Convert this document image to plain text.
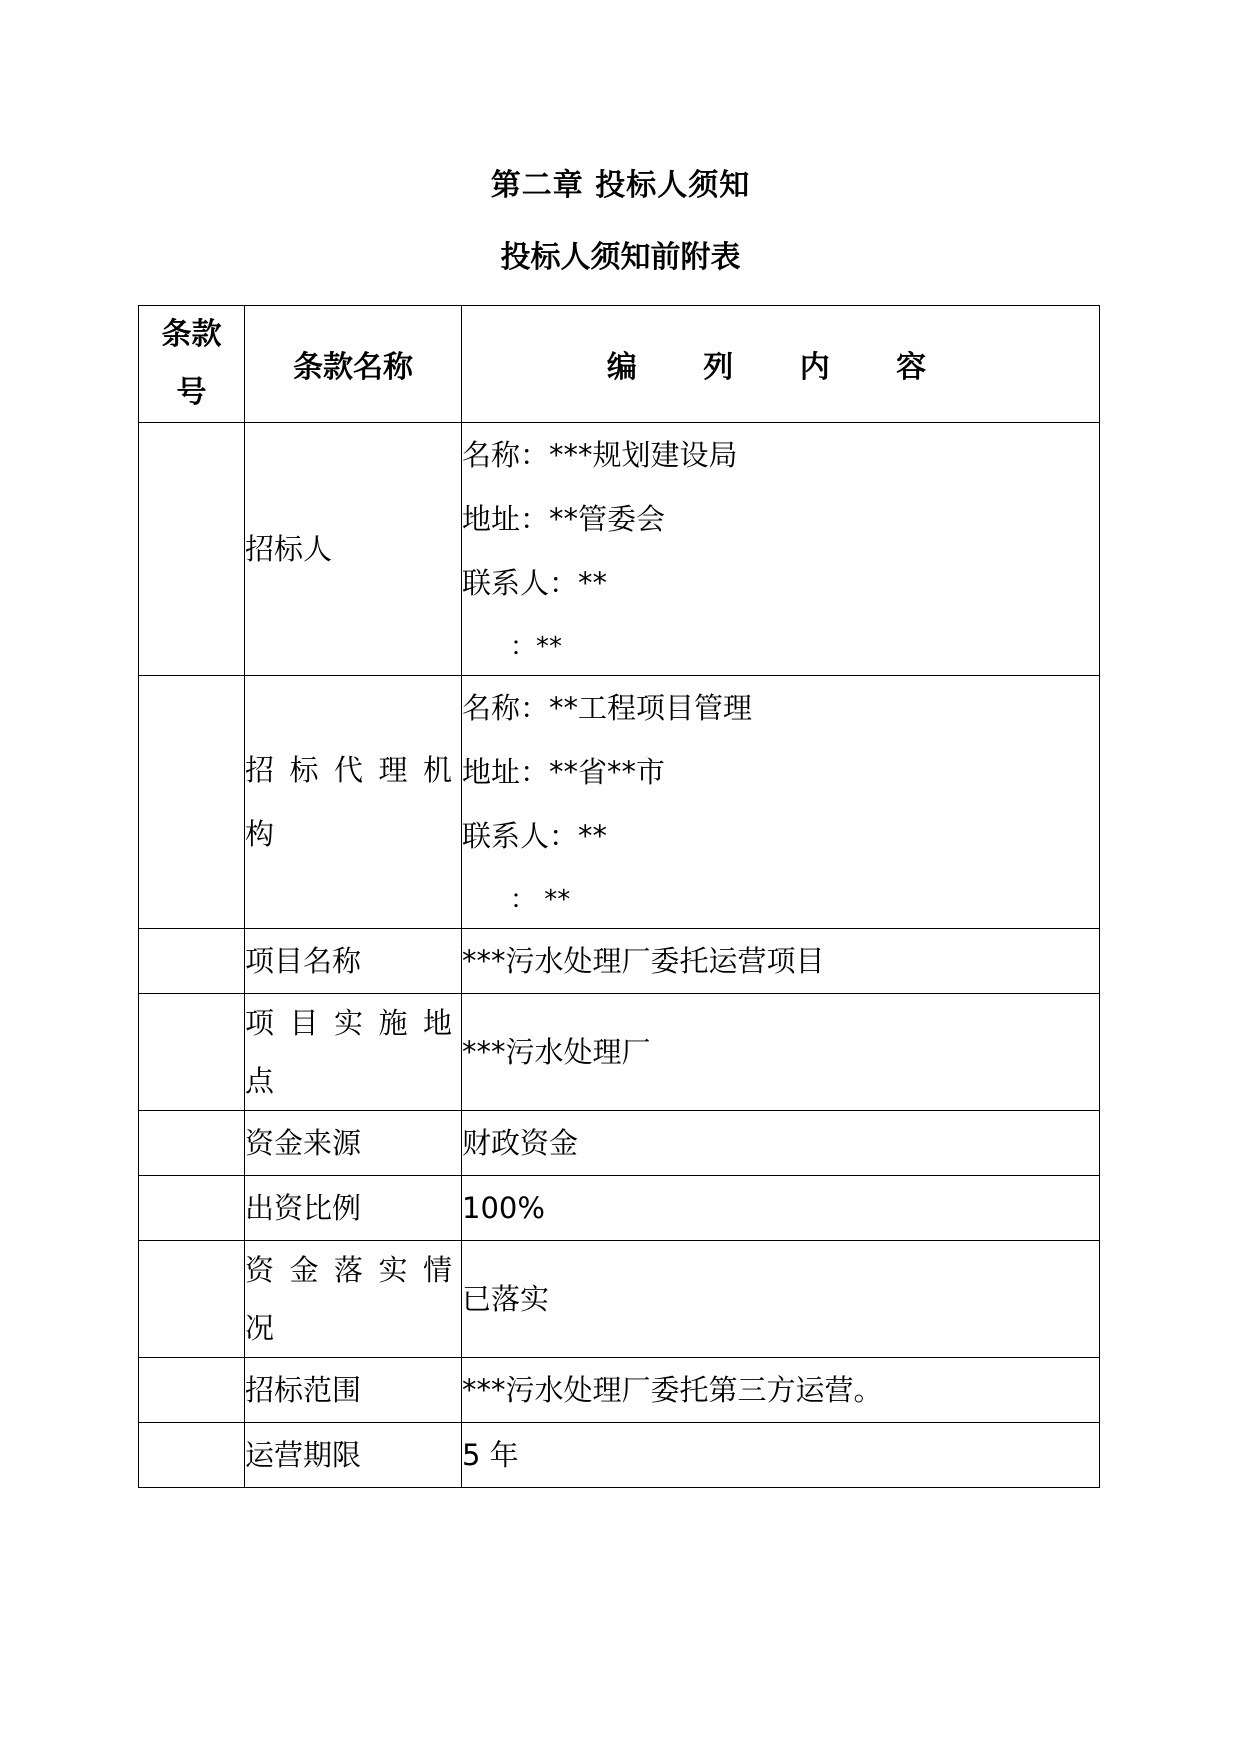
第二章 投标人须知
投标人须知前附表
条款
号	条款名称	编 列 内 容
	招标人	名称：***规划建设局
地址：**管委会
联系人：**
：**

	招标代理机构	名称：**工程项目管理
地址：**省**市
联系人：**
： **

	项目名称	***污水处理厂委托运营项目
	项目实施地点	***污水处理厂
	资金来源	财政资金
	出资比例	100%
	资金落实情况	已落实
	招标范围	***污水处理厂委托第三方运营。
	运营期限	5 年
